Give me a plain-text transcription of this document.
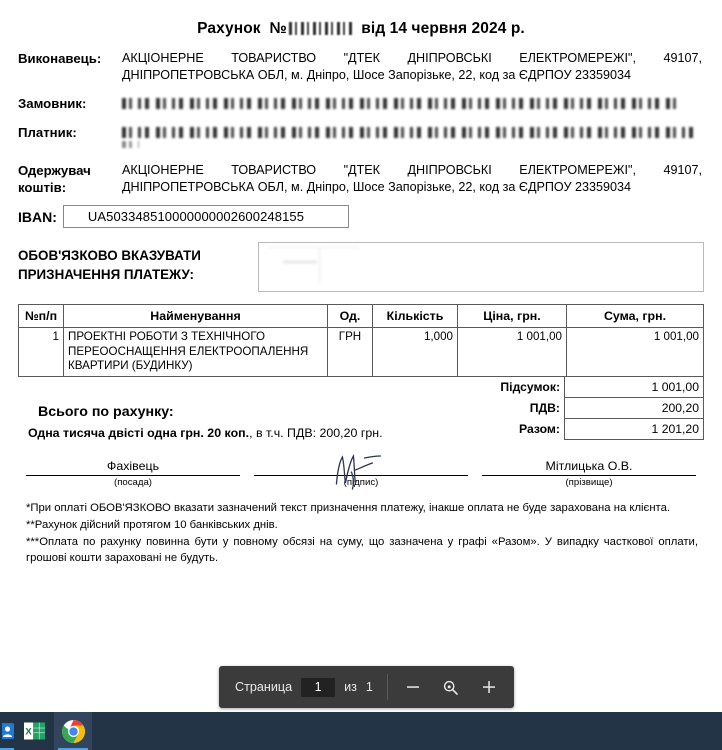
Рахунок №	від 14 червня 2024 р.
Виконавець:	АКЦІОНЕРНЕ ТОВАРИСТВО "ДТЕК ДНІПРОВСЬКІ ЕЛЕКТРОМЕРЕЖІ", 49107,
ДНІПРОПЕТРОВСЬКА ОБЛ, м. Дніпро, Шосе Запорізьке, 22, код за ЄДРПОУ 23359034
Замовник:
Платник:
Одержувач
коштів:
АКЦІОНЕРНЕ ТОВАРИСТВО "ДТЕК ДНІПРОВСЬКІ ЕЛЕКТРОМЕРЕЖІ", 49107,
ДНІПРОПЕТРОВСЬКА ОБЛ, м. Дніпро, Шосе Запорізьке, 22, код за ЄДРПОУ 23359034
IBAN:	UA503348510000000002600248155
ОБОВ'ЯЗКОВО ВКАЗУВАТИ
ПРИЗНАЧЕННЯ ПЛАТЕЖУ:
№п/п	Найменування	Од.	Кількість	Ціна, грн.	Сума, грн.
1	ПРОЕКТНІ РОБОТИ З ТЕХНІЧНОГО
ПЕРЕООСНАЩЕННЯ ЕЛЕКТРООПАЛЕННЯ
КВАРТИРИ (БУДИНКУ)	ГРН	1,000	1 001,00	1 001,00
Підсумок:	1 001,00
ПДВ:	200,20
Разом:	1 201,20
Всього по рахунку:
Одна тисяча двісті одна грн. 20 коп., в т.ч. ПДВ: 200,20 грн.
Фахівець
(посада)	(підпис)
Мітлицька О.В.
(прізвище)

*При оплаті ОБОВ'ЯЗКОВО вказати зазначений текст призначення платежу, інакше оплата не буде зарахована на клієнта.

**Рахунок дійсний протягом 10 банківських днів.

***Оплата по рахунку повинна бути у повному обсязі на суму, що зазначена у графі «Разом». У випадку часткової оплати, грошові кошти зараховані не будуть.

Страница
1	из 1
X
